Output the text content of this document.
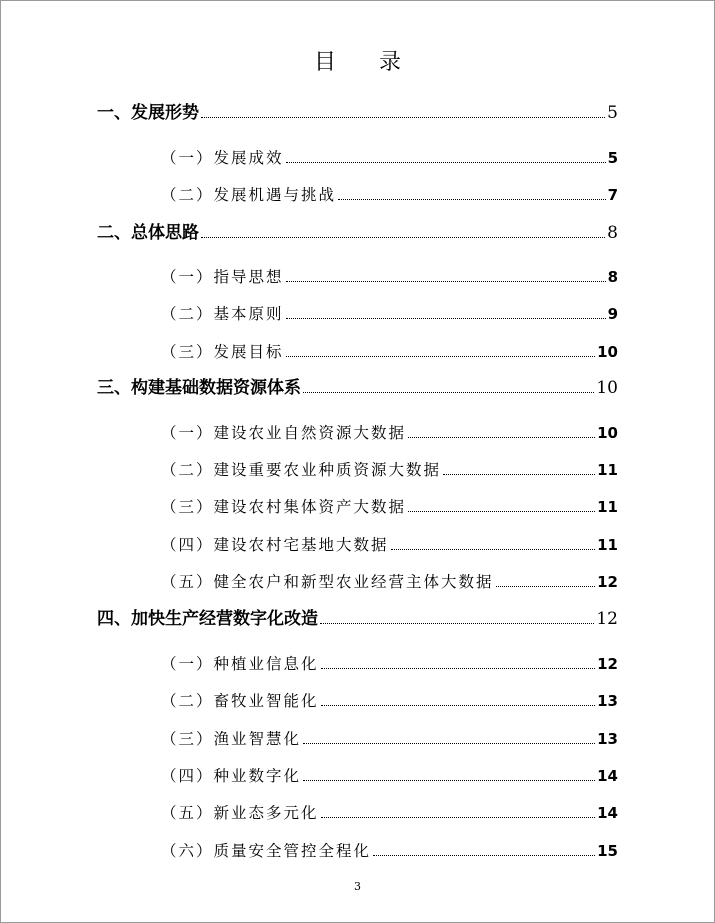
目 录
一、发展形势	5
（一）发展成效	5
（二）发展机遇与挑战	7
二、总体思路	8
（一）指导思想	8
（二）基本原则	9
（三）发展目标	10
三、构建基础数据资源体系	10
（一）建设农业自然资源大数据	10
（二）建设重要农业种质资源大数据	11
（三）建设农村集体资产大数据	11
（四）建设农村宅基地大数据	11
（五）健全农户和新型农业经营主体大数据	12
四、加快生产经营数字化改造	12
（一）种植业信息化	12
（二）畜牧业智能化	13
（三）渔业智慧化	13
（四）种业数字化	14
（五）新业态多元化	14
（六）质量安全管控全程化	15
3
